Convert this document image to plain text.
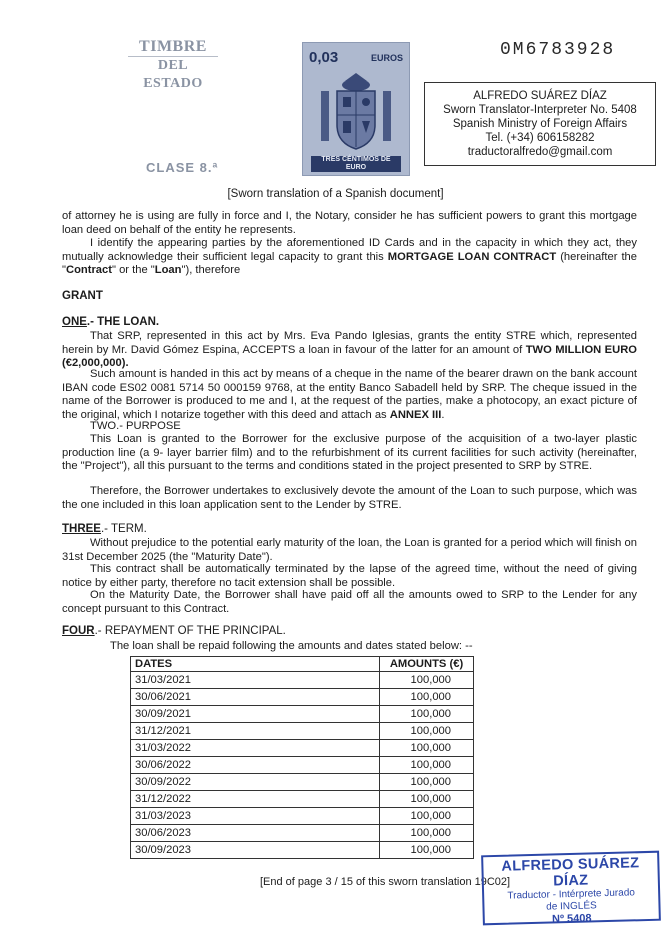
TIMBRE
DEL ESTADO
CLASE 8.ª
0,03	EUROS
TRES CÉNTIMOS DE EURO
0M6783928
ALFREDO SUÁREZ DÍAZ
Sworn Translator-Interpreter No. 5408
Spanish Ministry of Foreign Affairs
Tel. (+34) 606158282
traductoralfredo@gmail.com
[Sworn translation of a Spanish document]
of attorney he is using are fully in force and I, the Notary, consider he has sufficient powers to grant this mortgage loan deed on behalf of the entity he represents.
I identify the appearing parties by the aforementioned ID Cards and in the capacity in which they act, they mutually acknowledge their sufficient legal capacity to grant this MORTGAGE LOAN CONTRACT (hereinafter the "Contract" or the "Loan"), therefore
GRANT
ONE.- THE LOAN.
That SRP, represented in this act by Mrs. Eva Pando Iglesias, grants the entity STRE which, represented herein by Mr. David Gómez Espina, ACCEPTS a loan in favour of the latter for an amount of TWO MILLION EURO (€2,000,000).
Such amount is handed in this act by means of a cheque in the name of the bearer drawn on the bank account IBAN code ES02 0081 5714 50 000159 9768, at the entity Banco Sabadell held by SRP. The cheque issued in the name of the Borrower is produced to me and I, at the request of the parties, make a photocopy, an exact picture of the original, which I notarize together with this deed and attach as ANNEX III.
TWO.- PURPOSE
This Loan is granted to the Borrower for the exclusive purpose of the acquisition of a two-layer plastic production line (a 9- layer barrier film) and to the refurbishment of its current facilities for such activity (hereinafter, the "Project"), all this pursuant to the terms and conditions stated in the project presented to SRP by STRE.
Therefore, the Borrower undertakes to exclusively devote the amount of the Loan to such purpose, which was the one included in this loan application sent to the Lender by STRE.
THREE.- TERM.
Without prejudice to the potential early maturity of the loan, the Loan is granted for a period which will finish on 31st December 2025 (the "Maturity Date").
This contract shall be automatically terminated by the lapse of the agreed time, without the need of giving notice by either party, therefore no tacit extension shall be possible.
On the Maturity Date, the Borrower shall have paid off all the amounts owed to SRP to the Lender for any concept pursuant to this Contract.
FOUR.- REPAYMENT OF THE PRINCIPAL.
The loan shall be repaid following the amounts and dates stated below: --
DATES	AMOUNTS (€)
31/03/2021	100,000
30/06/2021	100,000
30/09/2021	100,000
31/12/2021	100,000
31/03/2022	100,000
30/06/2022	100,000
30/09/2022	100,000
31/12/2022	100,000
31/03/2023	100,000
30/06/2023	100,000
30/09/2023	100,000
[End of page 3 / 15 of this sworn translation 19C02]
ALFREDO SUÁREZ DÍAZ
Traductor - Intérprete Jurado
de INGLÉS
Nº 5408
